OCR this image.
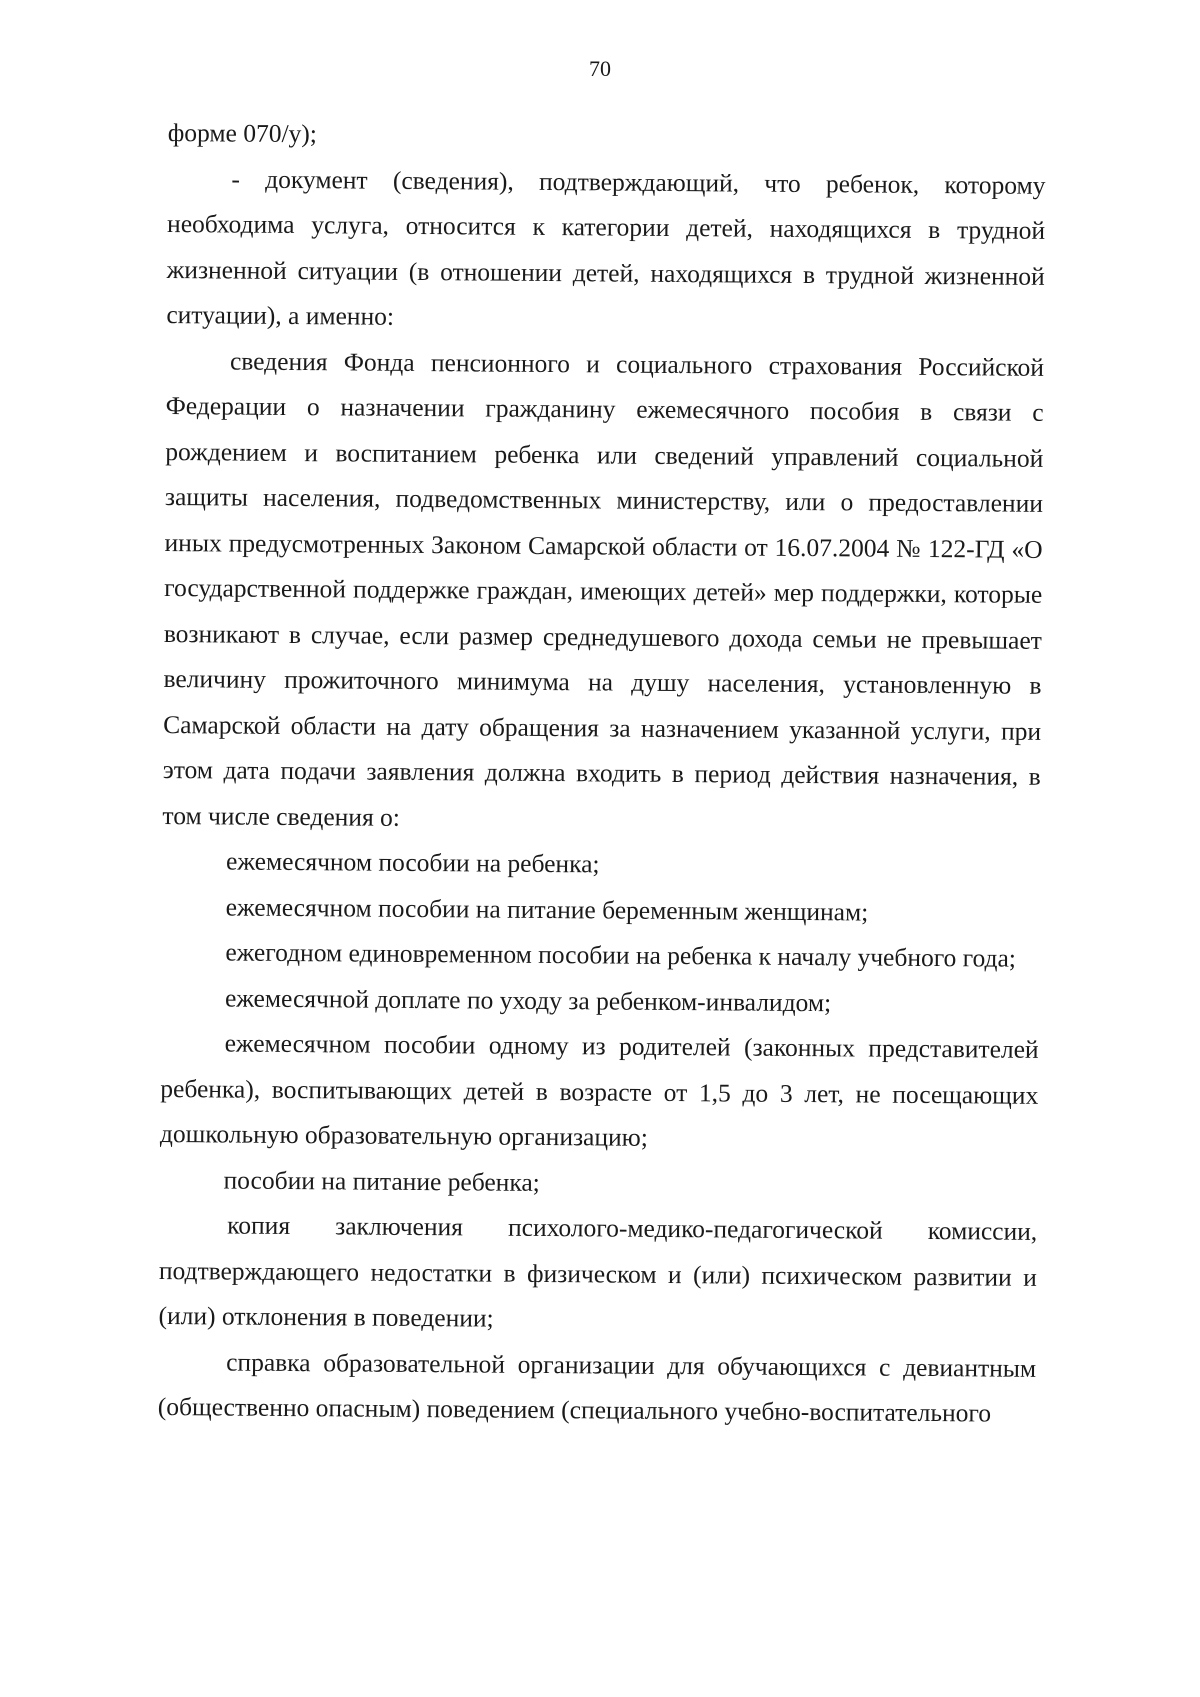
70

форме 070/у);

- документ (сведения), подтверждающий, что ребенок, которому необходима услуга, относится к категории детей, находящихся в трудной жизненной ситуации (в отношении детей, находящихся в трудной жизненной ситуации), а именно:

сведения Фонда пенсионного и социального страхования Российской Федерации о назначении гражданину ежемесячного пособия в связи с рождением и воспитанием ребенка или сведений управлений социальной защиты населения, подведомственных министерству, или о предоставлении иных предусмотренных Законом Самарской области от 16.07.2004 № 122-ГД «О государственной поддержке граждан, имеющих детей» мер поддержки, которые возникают в случае, если размер среднедушевого дохода семьи не превышает величину прожиточного минимума на душу населения, установленную в Самарской области на дату обращения за назначением указанной услуги, при этом дата подачи заявления должна входить в период действия назначения, в том числе сведения о:

ежемесячном пособии на ребенка;

ежемесячном пособии на питание беременным женщинам;

ежегодном единовременном пособии на ребенка к началу учебного года;

ежемесячной доплате по уходу за ребенком-инвалидом;

ежемесячном пособии одному из родителей (законных представителей ребенка), воспитывающих детей в возрасте от 1,5 до 3 лет, не посещающих дошкольную образовательную организацию;

пособии на питание ребенка;

копия заключения психолого-медико-педагогической комиссии, подтверждающего недостатки в физическом и (или) психическом развитии и (или) отклонения в поведении;

справка образовательной организации для обучающихся с девиантным (общественно опасным) поведением (специального учебно-воспитательного
